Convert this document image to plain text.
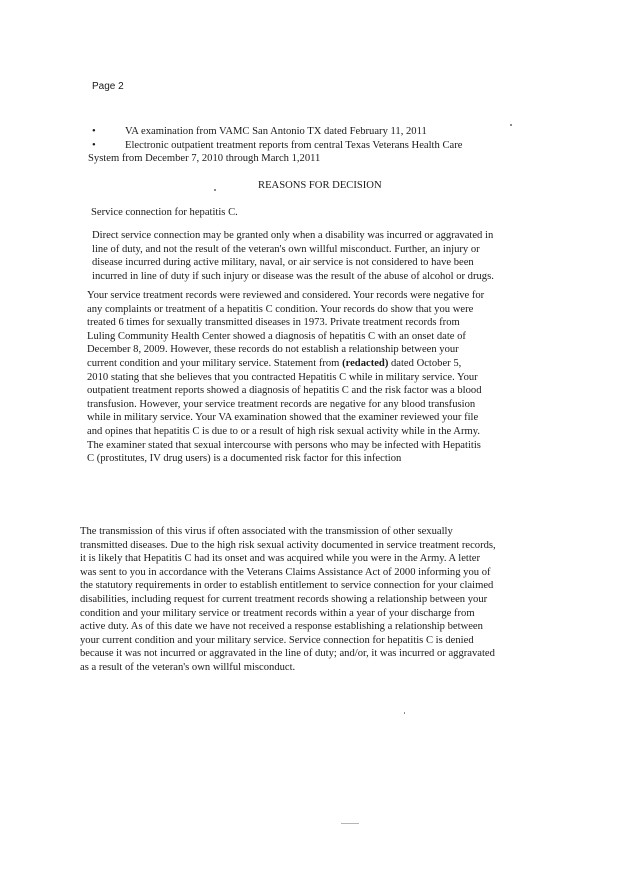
Page 2
•	VA examination from VAMC San Antonio TX dated February 11, 2011
•	Electronic outpatient treatment reports from central Texas Veterans Health Care
System from December 7, 2010 through March 1,2011
REASONS FOR DECISION
Service connection for hepatitis C.
Direct service connection may be granted only when a disability was incurred or aggravated in
line of duty, and not the result of the veteran's own willful misconduct. Further, an injury or
disease incurred during active military, naval, or air service is not considered to have been
incurred in line of duty if such injury or disease was the result of the abuse of alcohol or drugs.
Your service treatment records were reviewed and considered. Your records were negative for
any complaints or treatment of a hepatitis C condition. Your records do show that you were
treated 6 times for sexually transmitted diseases in 1973. Private treatment records from
Luling Community Health Center showed a diagnosis of hepatitis C with an onset date of
December 8, 2009. However, these records do not establish a relationship between your
current condition and your military service. Statement from (redacted) dated October 5,
2010 stating that she believes that you contracted Hepatitis C while in military service. Your
outpatient treatment reports showed a diagnosis of hepatitis C and the risk factor was a blood
transfusion. However, your service treatment records are negative for any blood transfusion
while in military service. Your VA examination showed that the examiner reviewed your file
and opines that hepatitis C is due to or a result of high risk sexual activity while in the Army.
The examiner stated that sexual intercourse with persons who may be infected with Hepatitis
C (prostitutes, IV drug users) is a documented risk factor for this infection
The transmission of this virus if often associated with the transmission of other sexually
transmitted diseases. Due to the high risk sexual activity documented in service treatment records,
it is likely that Hepatitis C had its onset and was acquired while you were in the Army. A letter
was sent to you in accordance with the Veterans Claims Assistance Act of 2000 informing you of
the statutory requirements in order to establish entitlement to service connection for your claimed
disabilities, including request for current treatment records showing a relationship between your
condition and your military service or treatment records within a year of your discharge from
active duty. As of this date we have not received a response establishing a relationship between
your current condition and your military service. Service connection for hepatitis C is denied
because it was not incurred or aggravated in the line of duty; and/or, it was incurred or aggravated
as a result of the veteran's own willful misconduct.
